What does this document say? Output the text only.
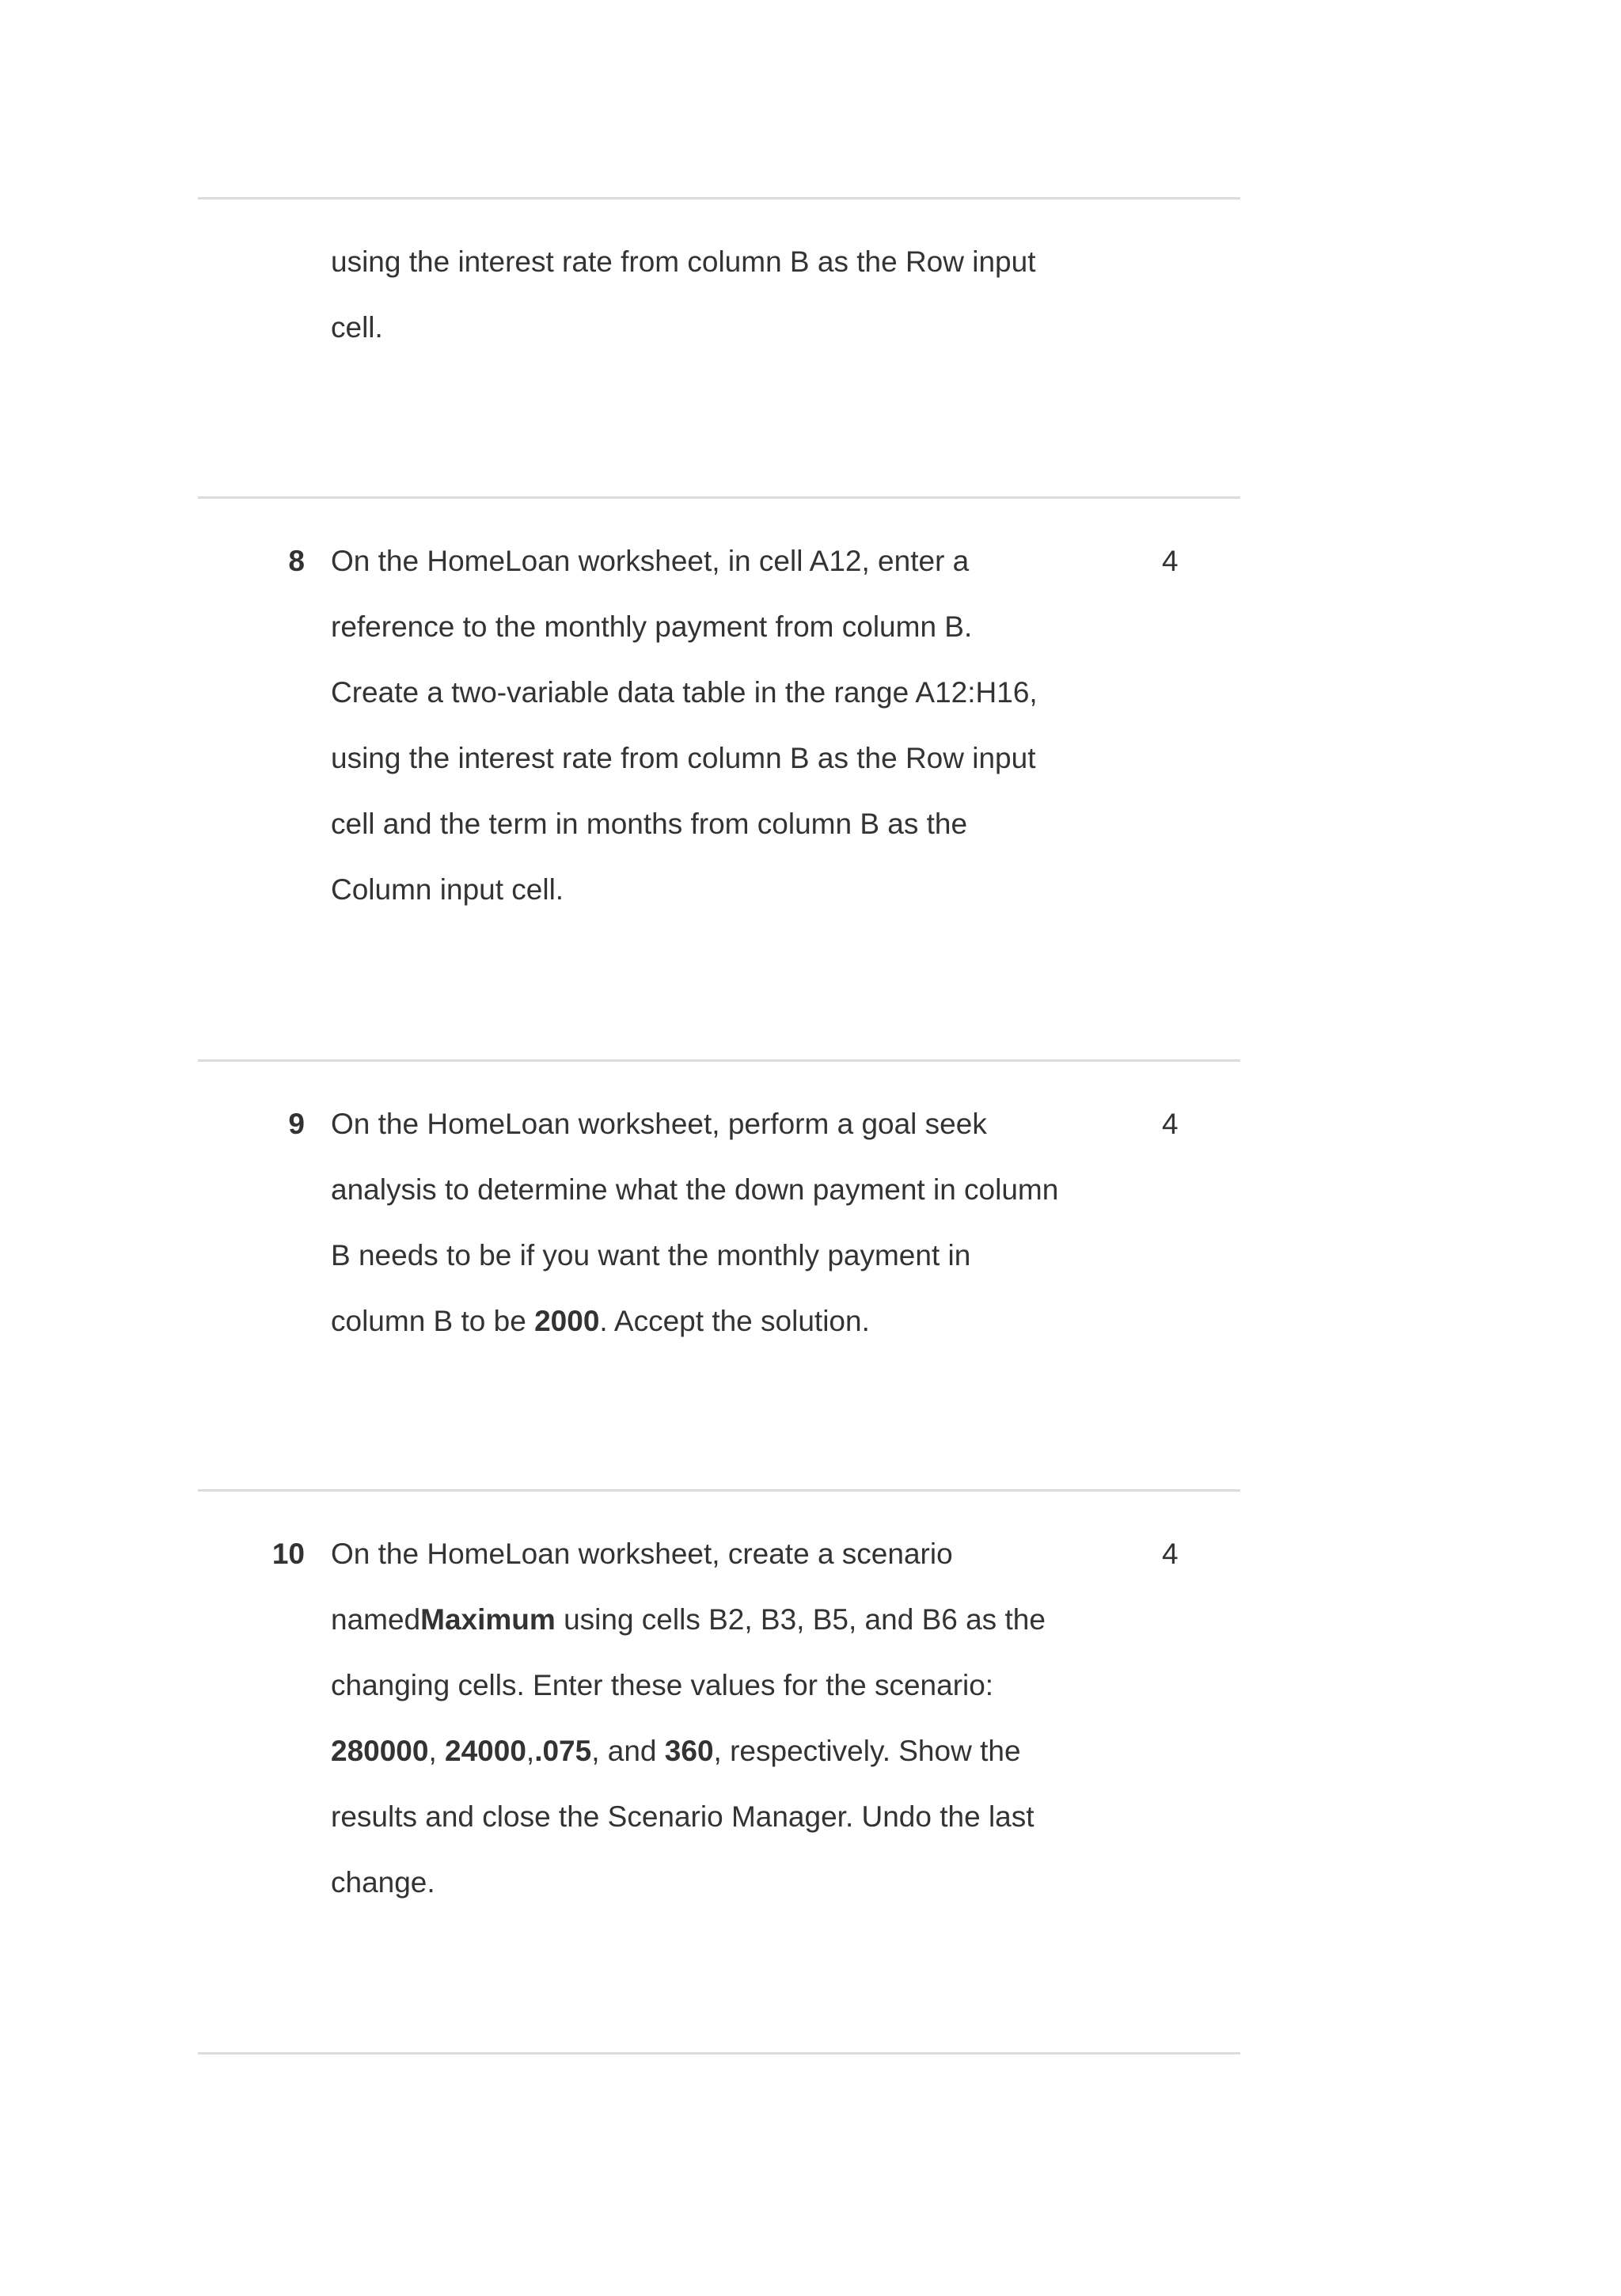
using the interest rate from column B as the Row input
cell.
8 On the HomeLoan worksheet, in cell A12, enter a
reference to the monthly payment from column B.
Create a two-variable data table in the range A12:H16,
using the interest rate from column B as the Row input
cell and the term in months from column B as the
Column input cell.
4
9 On the HomeLoan worksheet, perform a goal seek
analysis to determine what the down payment in column
B needs to be if you want the monthly payment in
column B to be 2000. Accept the solution.
4
10 On the HomeLoan worksheet, create a scenario
namedMaximum using cells B2, B3, B5, and B6 as the
changing cells. Enter these values for the scenario:
280000, 24000,.075, and 360, respectively. Show the
results and close the Scenario Manager. Undo the last
change.
4
